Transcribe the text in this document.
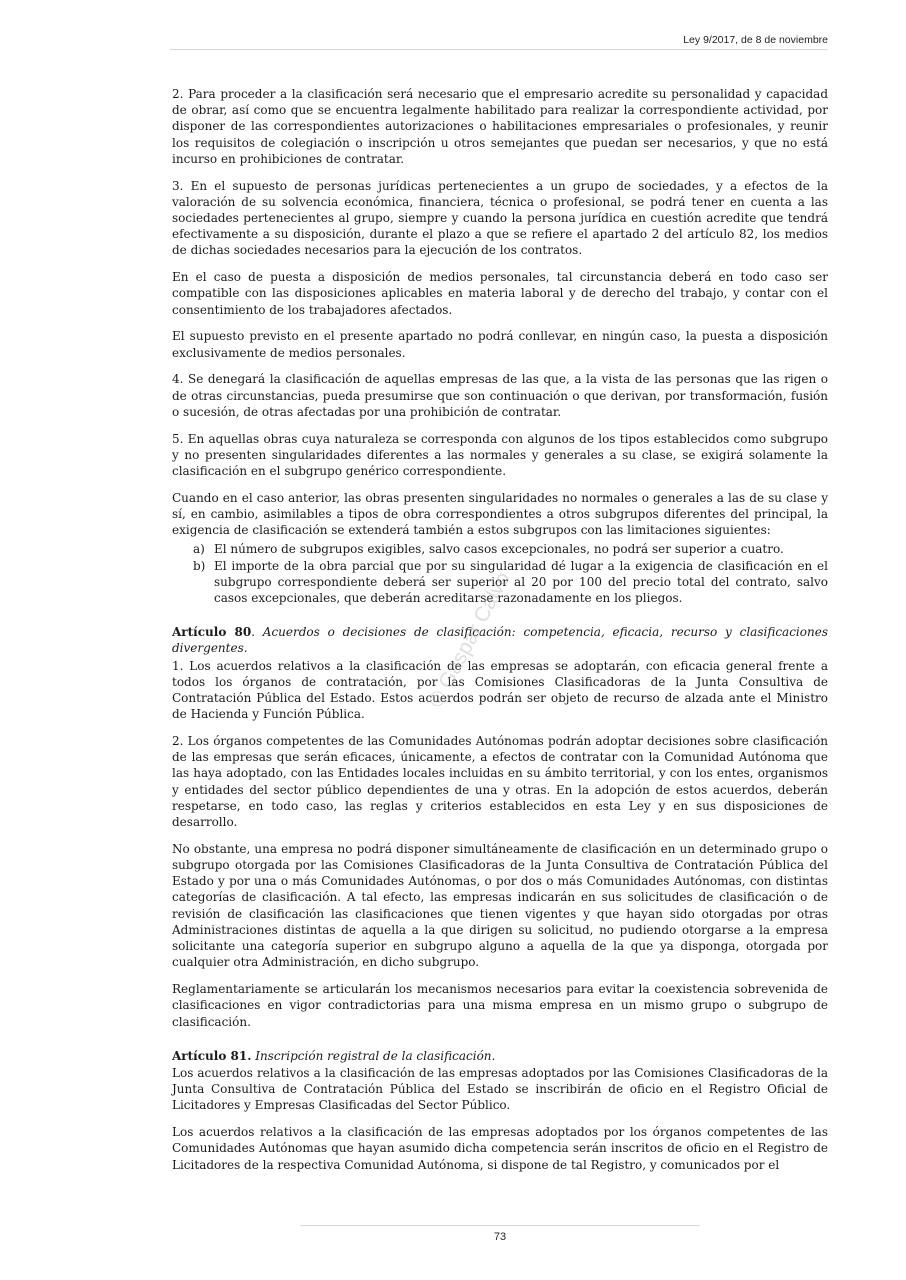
Ley 9/2017, de 8 de noviembre

2. Para proceder a la clasificación será necesario que el empresario acredite su personalidad y capacidad de obrar, así como que se encuentra legalmente habilitado para realizar la correspondiente actividad, por disponer de las correspondientes autorizaciones o habilitaciones empresariales o profesionales, y reunir los requisitos de colegiación o inscripción u otros semejantes que puedan ser necesarios, y que no está incurso en prohibiciones de contratar.

3. En el supuesto de personas jurídicas pertenecientes a un grupo de sociedades, y a efectos de la valoración de su solvencia económica, financiera, técnica o profesional, se podrá tener en cuenta a las sociedades pertenecientes al grupo, siempre y cuando la persona jurídica en cuestión acredite que tendrá efectivamente a su disposición, durante el plazo a que se refiere el apartado 2 del artículo 82, los medios de dichas sociedades necesarios para la ejecución de los contratos.

En el caso de puesta a disposición de medios personales, tal circunstancia deberá en todo caso ser compatible con las disposiciones aplicables en materia laboral y de derecho del trabajo, y contar con el consentimiento de los trabajadores afectados.

El supuesto previsto en el presente apartado no podrá conllevar, en ningún caso, la puesta a disposición exclusivamente de medios personales.

4. Se denegará la clasificación de aquellas empresas de las que, a la vista de las personas que las rigen o de otras circunstancias, pueda presumirse que son continuación o que derivan, por transformación, fusión o sucesión, de otras afectadas por una prohibición de contratar.

5. En aquellas obras cuya naturaleza se corresponda con algunos de los tipos establecidos como subgrupo y no presenten singularidades diferentes a las normales y generales a su clase, se exigirá solamente la clasificación en el subgrupo genérico correspondiente.

Cuando en el caso anterior, las obras presenten singularidades no normales o generales a las de su clase y sí, en cambio, asimilables a tipos de obra correspondientes a otros subgrupos diferentes del principal, la exigencia de clasificación se extenderá también a estos subgrupos con las limitaciones siguientes:

a) El número de subgrupos exigibles, salvo casos excepcionales, no podrá ser superior a cuatro.
b) El importe de la obra parcial que por su singularidad dé lugar a la exigencia de clasificación en el subgrupo correspondiente deberá ser superior al 20 por 100 del precio total del contrato, salvo casos excepcionales, que deberán acreditarse razonadamente en los pliegos.

Artículo 80. Acuerdos o decisiones de clasificación: competencia, eficacia, recurso y clasificaciones divergentes.

1. Los acuerdos relativos a la clasificación de las empresas se adoptarán, con eficacia general frente a todos los órganos de contratación, por las Comisiones Clasificadoras de la Junta Consultiva de Contratación Pública del Estado. Estos acuerdos podrán ser objeto de recurso de alzada ante el Ministro de Hacienda y Función Pública.

2. Los órganos competentes de las Comunidades Autónomas podrán adoptar decisiones sobre clasificación de las empresas que serán eficaces, únicamente, a efectos de contratar con la Comunidad Autónoma que las haya adoptado, con las Entidades locales incluidas en su ámbito territorial, y con los entes, organismos y entidades del sector público dependientes de una y otras. En la adopción de estos acuerdos, deberán respetarse, en todo caso, las reglas y criterios establecidos en esta Ley y en sus disposiciones de desarrollo.

No obstante, una empresa no podrá disponer simultáneamente de clasificación en un determinado grupo o subgrupo otorgada por las Comisiones Clasificadoras de la Junta Consultiva de Contratación Pública del Estado y por una o más Comunidades Autónomas, o por dos o más Comunidades Autónomas, con distintas categorías de clasificación. A tal efecto, las empresas indicarán en sus solicitudes de clasificación o de revisión de clasificación las clasificaciones que tienen vigentes y que hayan sido otorgadas por otras Administraciones distintas de aquella a la que dirigen su solicitud, no pudiendo otorgarse a la empresa solicitante una categoría superior en subgrupo alguno a aquella de la que ya disponga, otorgada por cualquier otra Administración, en dicho subgrupo.

Reglamentariamente se articularán los mecanismos necesarios para evitar la coexistencia sobrevenida de clasificaciones en vigor contradictorias para una misma empresa en un mismo grupo o subgrupo de clasificación.

Artículo 81. Inscripción registral de la clasificación.

Los acuerdos relativos a la clasificación de las empresas adoptados por las Comisiones Clasificadoras de la Junta Consultiva de Contratación Pública del Estado se inscribirán de oficio en el Registro Oficial de Licitadores y Empresas Clasificadas del Sector Público.

Los acuerdos relativos a la clasificación de las empresas adoptados por los órganos competentes de las Comunidades Autónomas que hayan asumido dicha competencia serán inscritos de oficio en el Registro de Licitadores de la respectiva Comunidad Autónoma, si dispone de tal Registro, y comunicados por el

© Gaspar Calvo
73
